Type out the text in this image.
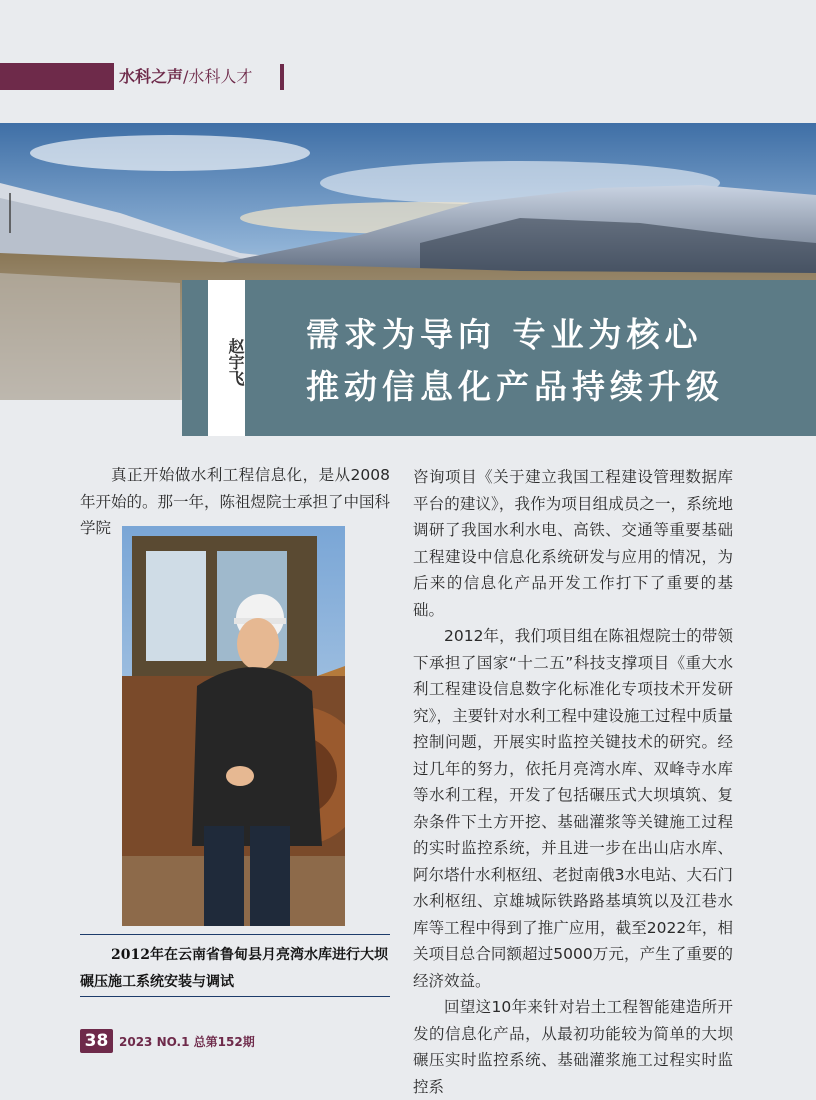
水科之声/水科人才
赵宇飞
需求为导向 专业为核心
推动信息化产品持续升级

真正开始做水利工程信息化，是从2008年开始的。那一年，陈祖煜院士承担了中国科学院

2012年在云南省鲁甸县月亮湾水库进行大坝碾压施工系统安装与调试

咨询项目《关于建立我国工程建设管理数据库平台的建议》，我作为项目组成员之一，系统地调研了我国水利水电、高铁、交通等重要基础工程建设中信息化系统研发与应用的情况，为后来的信息化产品开发工作打下了重要的基础。

2012年，我们项目组在陈祖煜院士的带领下承担了国家“十二五”科技支撑项目《重大水利工程建设信息数字化标准化专项技术开发研究》，主要针对水利工程中建设施工过程中质量控制问题，开展实时监控关键技术的研究。经过几年的努力，依托月亮湾水库、双峰寺水库等水利工程，开发了包括碾压式大坝填筑、复杂条件下土方开挖、基础灌浆等关键施工过程的实时监控系统，并且进一步在出山店水库、阿尔塔什水利枢纽、老挝南俄3水电站、大石门水利枢纽、京雄城际铁路路基填筑以及江巷水库等工程中得到了推广应用，截至2022年，相关项目总合同额超过5000万元，产生了重要的经济效益。

回望这10年来针对岩土工程智能建造所开发的信息化产品，从最初功能较为简单的大坝碾压实时监控系统、基础灌浆施工过程实时监控系

38 2023 NO.1 总第152期
